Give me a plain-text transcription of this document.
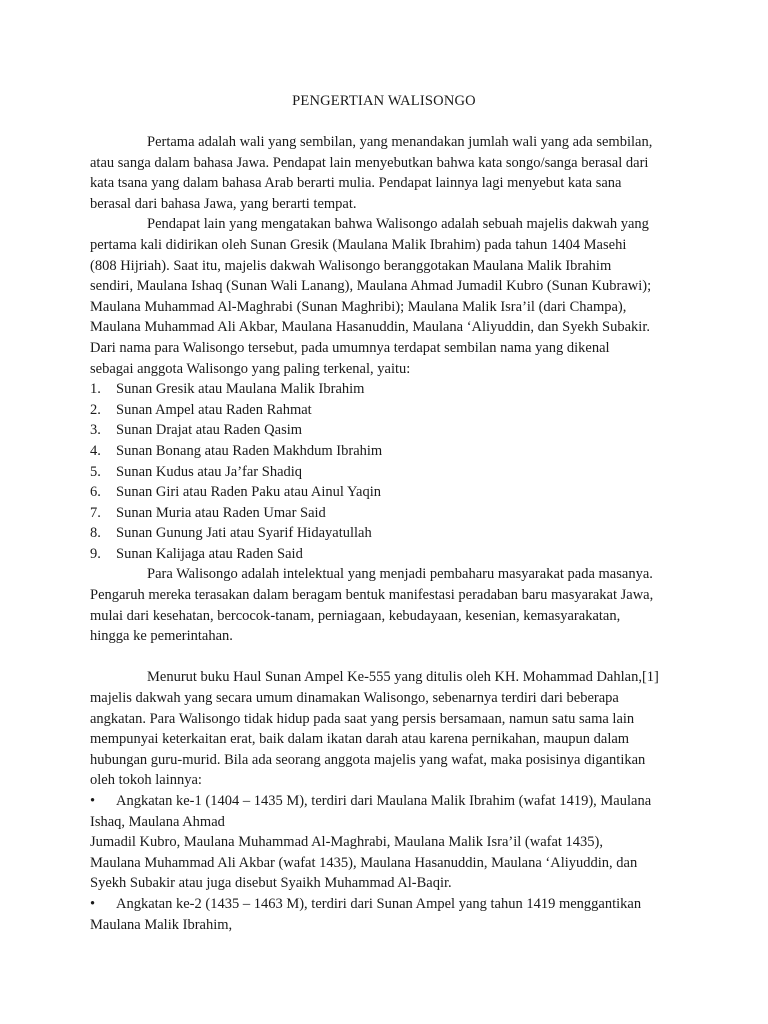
PENGERTIAN WALISONGO

Pertama adalah wali yang sembilan, yang menandakan jumlah wali yang ada sembilan,

atau sanga dalam bahasa Jawa. Pendapat lain menyebutkan bahwa kata songo/sanga berasal dari

kata tsana yang dalam bahasa Arab berarti mulia. Pendapat lainnya lagi menyebut kata sana

berasal dari bahasa Jawa, yang berarti tempat.

Pendapat lain yang mengatakan bahwa Walisongo adalah sebuah majelis dakwah yang

pertama kali didirikan oleh Sunan Gresik (Maulana Malik Ibrahim) pada tahun 1404 Masehi

(808 Hijriah). Saat itu, majelis dakwah Walisongo beranggotakan Maulana Malik Ibrahim

sendiri, Maulana Ishaq (Sunan Wali Lanang), Maulana Ahmad Jumadil Kubro (Sunan Kubrawi);

Maulana Muhammad Al-Maghrabi (Sunan Maghribi); Maulana Malik Isra’il (dari Champa),

Maulana Muhammad Ali Akbar, Maulana Hasanuddin, Maulana ‘Aliyuddin, dan Syekh Subakir.

Dari nama para Walisongo tersebut, pada umumnya terdapat sembilan nama yang dikenal

sebagai anggota Walisongo yang paling terkenal, yaitu:

1. Sunan Gresik atau Maulana Malik Ibrahim
2. Sunan Ampel atau Raden Rahmat
3. Sunan Drajat atau Raden Qasim
4. Sunan Bonang atau Raden Makhdum Ibrahim
5. Sunan Kudus atau Ja’far Shadiq
6. Sunan Giri atau Raden Paku atau Ainul Yaqin
7. Sunan Muria atau Raden Umar Said
8. Sunan Gunung Jati atau Syarif Hidayatullah
9. Sunan Kalijaga atau Raden Said

Para Walisongo adalah intelektual yang menjadi pembaharu masyarakat pada masanya.

Pengaruh mereka terasakan dalam beragam bentuk manifestasi peradaban baru masyarakat Jawa,

mulai dari kesehatan, bercocok-tanam, perniagaan, kebudayaan, kesenian, kemasyarakatan,

hingga ke pemerintahan.

Menurut buku Haul Sunan Ampel Ke-555 yang ditulis oleh KH. Mohammad Dahlan,[1]

majelis dakwah yang secara umum dinamakan Walisongo, sebenarnya terdiri dari beberapa

angkatan. Para Walisongo tidak hidup pada saat yang persis bersamaan, namun satu sama lain

mempunyai keterkaitan erat, baik dalam ikatan darah atau karena pernikahan, maupun dalam

hubungan guru-murid. Bila ada seorang anggota majelis yang wafat, maka posisinya digantikan

oleh tokoh lainnya:

• Angkatan ke-1 (1404 – 1435 M), terdiri dari Maulana Malik Ibrahim (wafat 1419), Maulana

Ishaq, Maulana Ahmad

Jumadil Kubro, Maulana Muhammad Al-Maghrabi, Maulana Malik Isra’il (wafat 1435),

Maulana Muhammad Ali Akbar (wafat 1435), Maulana Hasanuddin, Maulana ‘Aliyuddin, dan

Syekh Subakir atau juga disebut Syaikh Muhammad Al-Baqir.

• Angkatan ke-2 (1435 – 1463 M), terdiri dari Sunan Ampel yang tahun 1419 menggantikan

Maulana Malik Ibrahim,
